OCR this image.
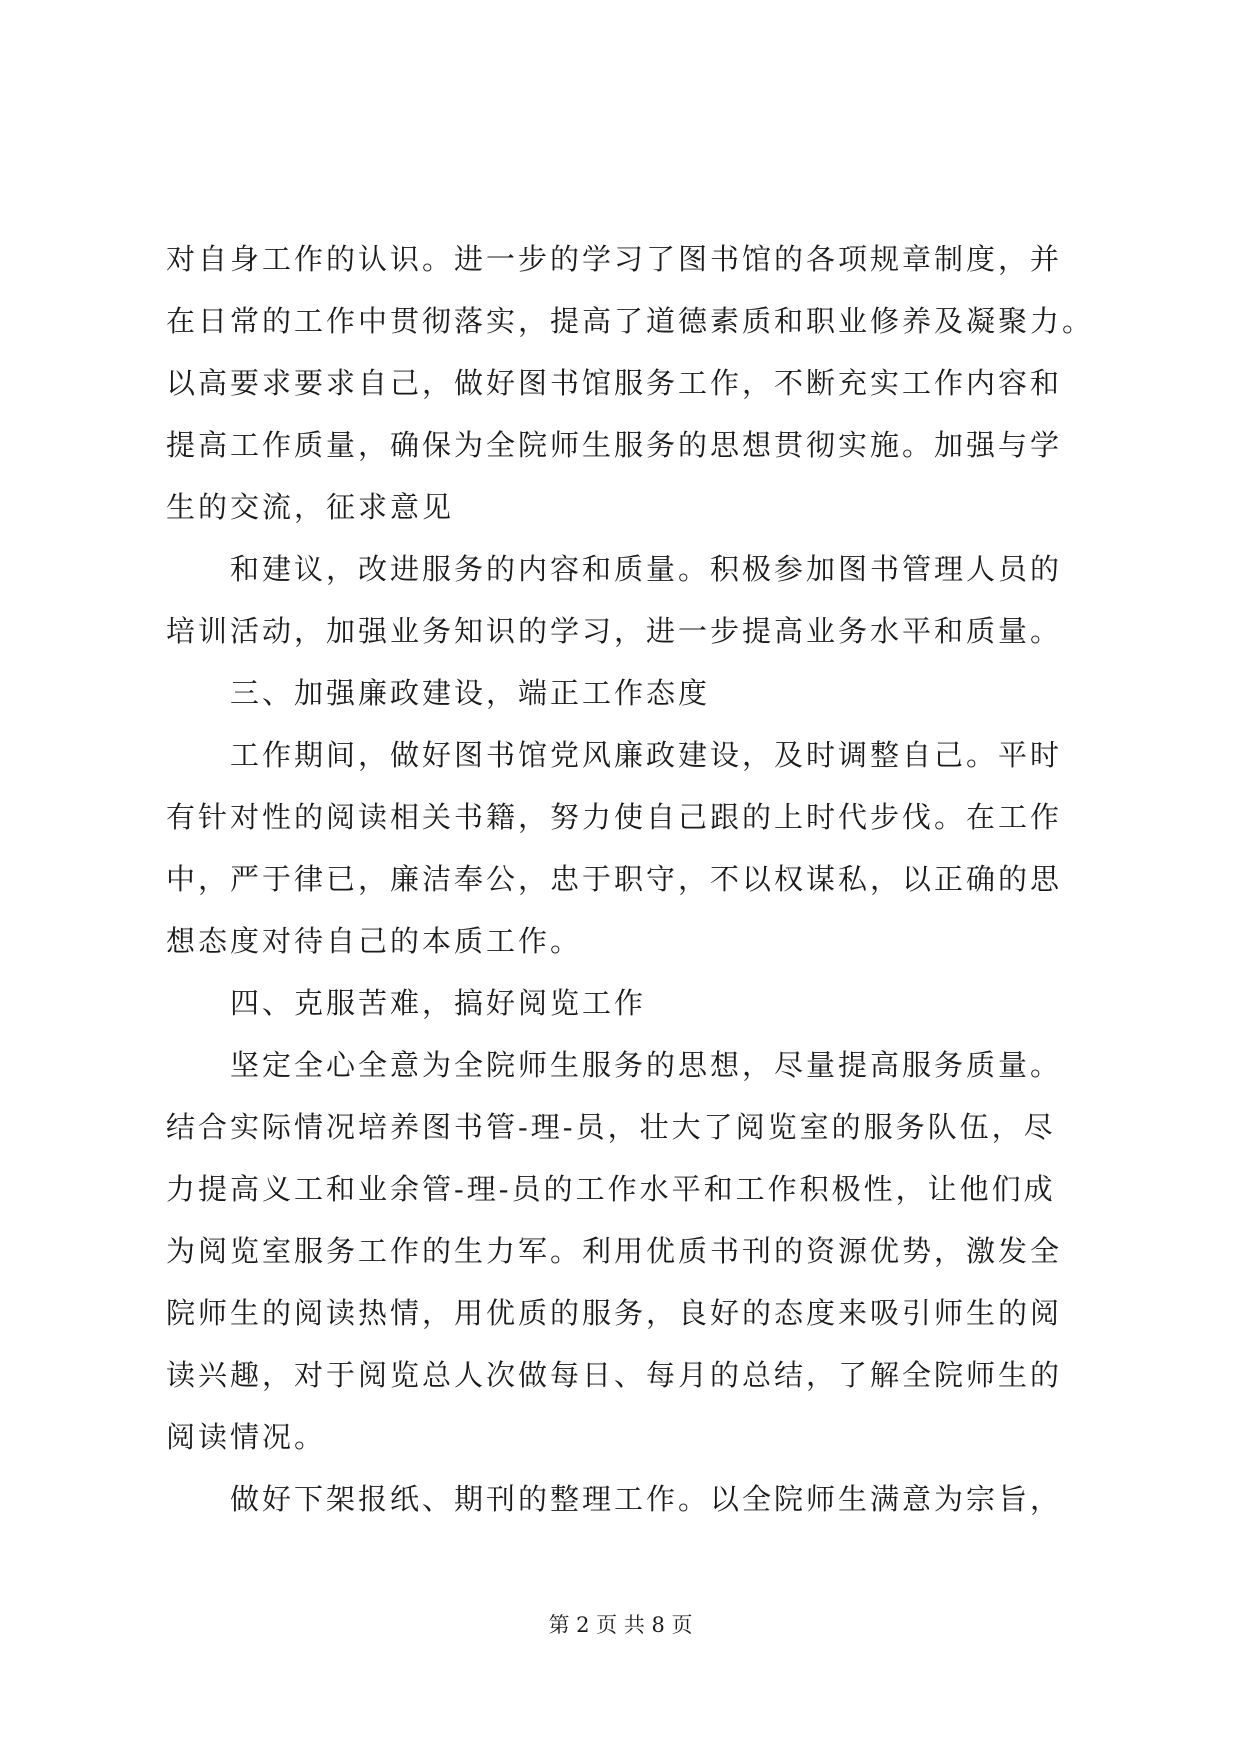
对自身工作的认识。进一步的学习了图书馆的各项规章制度，并
在日常的工作中贯彻落实，提高了道德素质和职业修养及凝聚力。
以高要求要求自己，做好图书馆服务工作，不断充实工作内容和
提高工作质量，确保为全院师生服务的思想贯彻实施。加强与学
生的交流，征求意见
和建议，改进服务的内容和质量。积极参加图书管理人员的
培训活动，加强业务知识的学习，进一步提高业务水平和质量。
三、加强廉政建设，端正工作态度
工作期间，做好图书馆党风廉政建设，及时调整自己。平时
有针对性的阅读相关书籍，努力使自己跟的上时代步伐。在工作
中，严于律已，廉洁奉公，忠于职守，不以权谋私，以正确的思
想态度对待自己的本质工作。
四、克服苦难，搞好阅览工作
坚定全心全意为全院师生服务的思想，尽量提高服务质量。
结合实际情况培养图书管-理-员，壮大了阅览室的服务队伍，尽
力提高义工和业余管-理-员的工作水平和工作积极性，让他们成
为阅览室服务工作的生力军。利用优质书刊的资源优势，激发全
院师生的阅读热情，用优质的服务，良好的态度来吸引师生的阅
读兴趣，对于阅览总人次做每日、每月的总结，了解全院师生的
阅读情况。
做好下架报纸、期刊的整理工作。以全院师生满意为宗旨，
第 2 页 共 8 页
